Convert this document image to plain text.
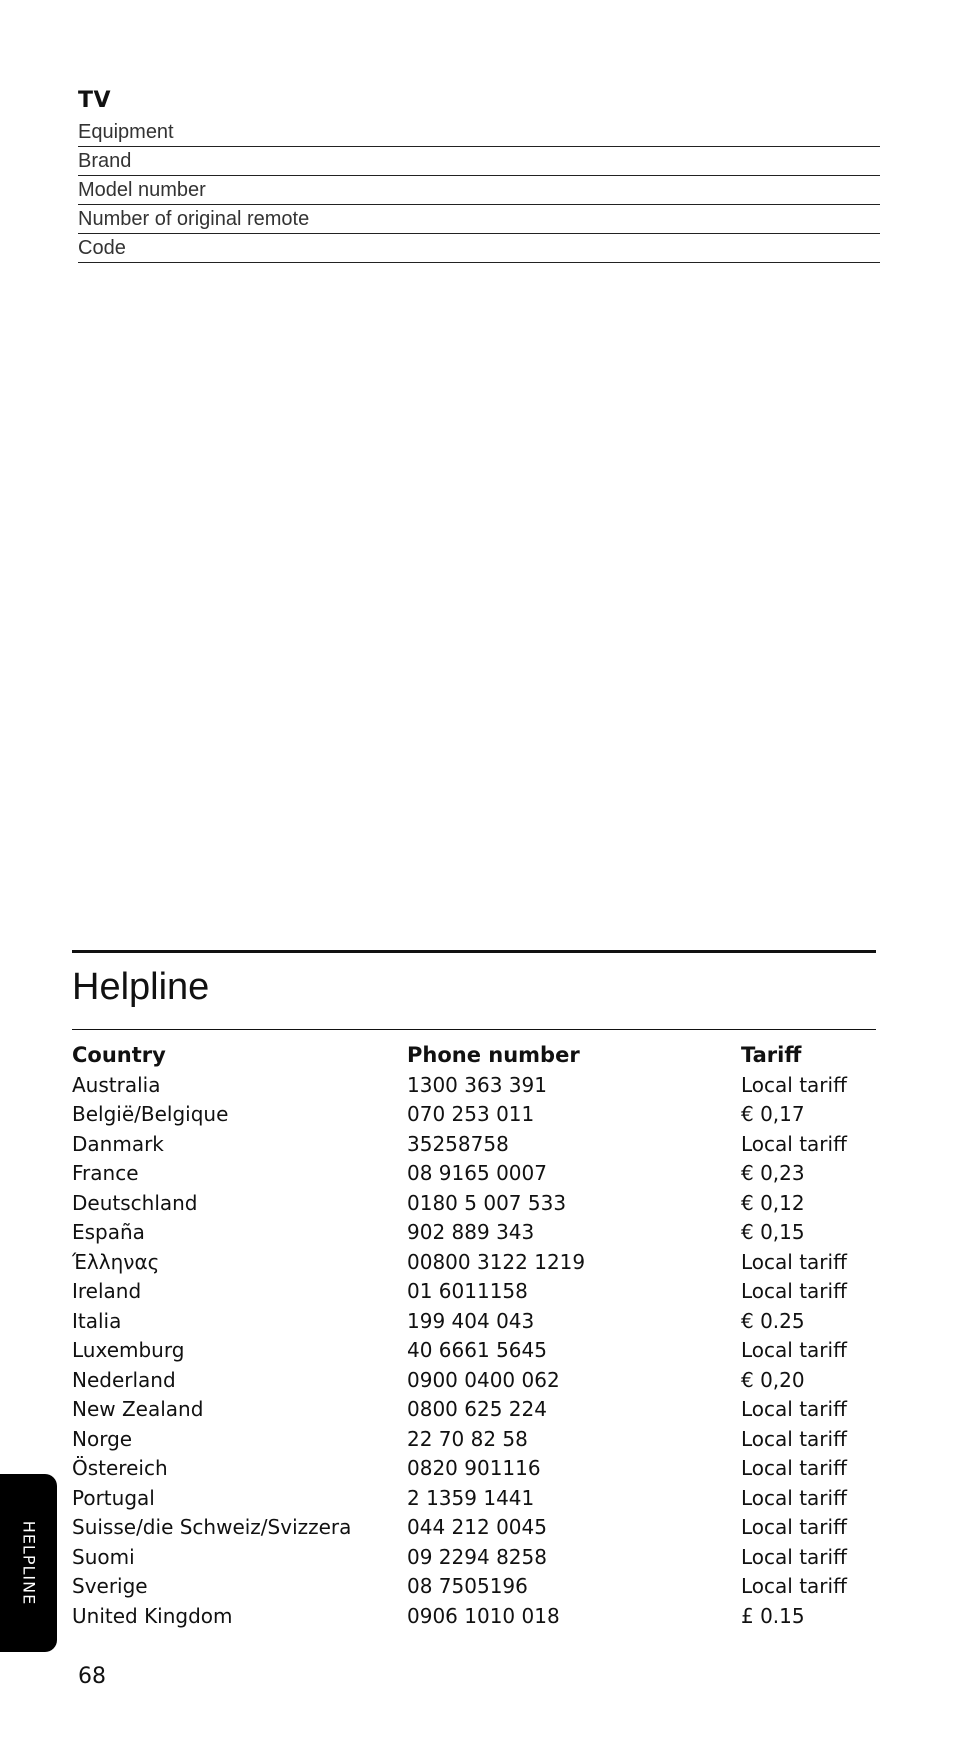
TV
Equipment
Brand
Model number
Number of original remote
Code
Helpline
Country	Phone number	Tariff
Australia	1300 363 391	Local tariff
België/Belgique	070 253 011	€ 0,17
Danmark	35258758	Local tariff
France	08 9165 0007	€ 0,23
Deutschland	0180 5 007 533	€ 0,12
España	902 889 343	€ 0,15
Έλληνας	00800 3122 1219	Local tariff
Ireland	01 6011158	Local tariff
Italia	199 404 043	€ 0.25
Luxemburg	40 6661 5645	Local tariff
Nederland	0900 0400 062	€ 0,20
New Zealand	0800 625 224	Local tariff
Norge	22 70 82 58	Local tariff
Östereich	0820 901116	Local tariff
Portugal	2 1359 1441	Local tariff
Suisse/die Schweiz/Svizzera	044 212 0045	Local tariff
Suomi	09 2294 8258	Local tariff
Sverige	08 7505196	Local tariff
United Kingdom	0906 1010 018	£ 0.15
HELPLINE
68
